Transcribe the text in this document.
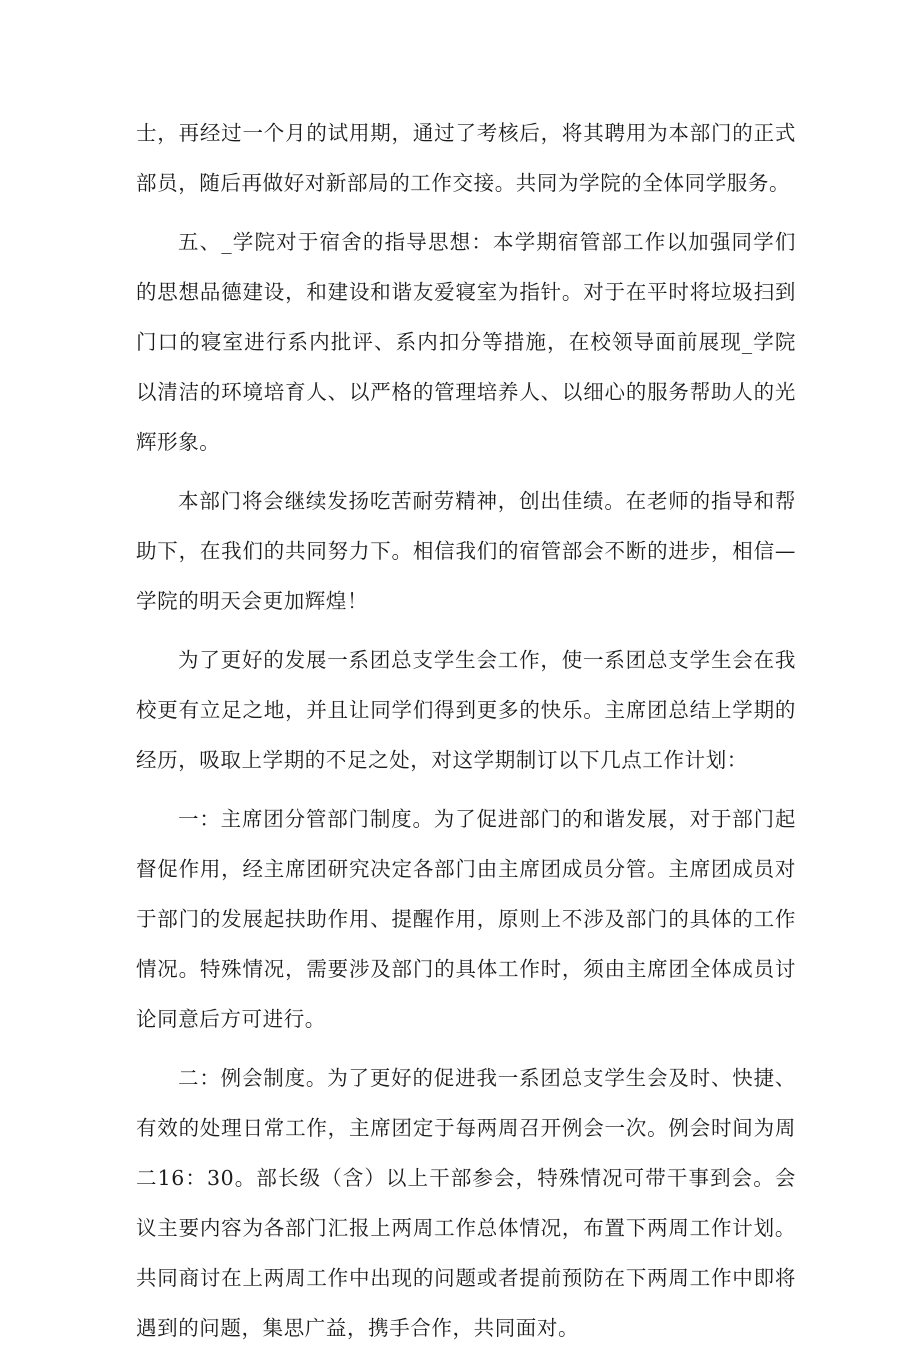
士，再经过一个月的试用期，通过了考核后，将其聘用为本部门的正式部员，随后再做好对新部局的工作交接。共同为学院的全体同学服务。

五、_学院对于宿舍的指导思想：本学期宿管部工作以加强同学们的思想品德建设，和建设和谐友爱寝室为指针。对于在平时将垃圾扫到门口的寝室进行系内批评、系内扣分等措施，在校领导面前展现_学院以清洁的环境培育人、以严格的管理培养人、以细心的服务帮助人的光辉形象。

本部门将会继续发扬吃苦耐劳精神，创出佳绩。在老师的指导和帮助下，在我们的共同努力下。相信我们的宿管部会不断的进步，相信—学院的明天会更加辉煌！

为了更好的发展一系团总支学生会工作，使一系团总支学生会在我校更有立足之地，并且让同学们得到更多的快乐。主席团总结上学期的经历，吸取上学期的不足之处，对这学期制订以下几点工作计划：

一：主席团分管部门制度。为了促进部门的和谐发展，对于部门起督促作用，经主席团研究决定各部门由主席团成员分管。主席团成员对于部门的发展起扶助作用、提醒作用，原则上不涉及部门的具体的工作情况。特殊情况，需要涉及部门的具体工作时，须由主席团全体成员讨论同意后方可进行。

二：例会制度。为了更好的促进我一系团总支学生会及时、快捷、有效的处理日常工作，主席团定于每两周召开例会一次。例会时间为周二16：30。部长级（含）以上干部参会，特殊情况可带干事到会。会议主要内容为各部门汇报上两周工作总体情况，布置下两周工作计划。共同商讨在上两周工作中出现的问题或者提前预防在下两周工作中即将遇到的问题，集思广益，携手合作，共同面对。
